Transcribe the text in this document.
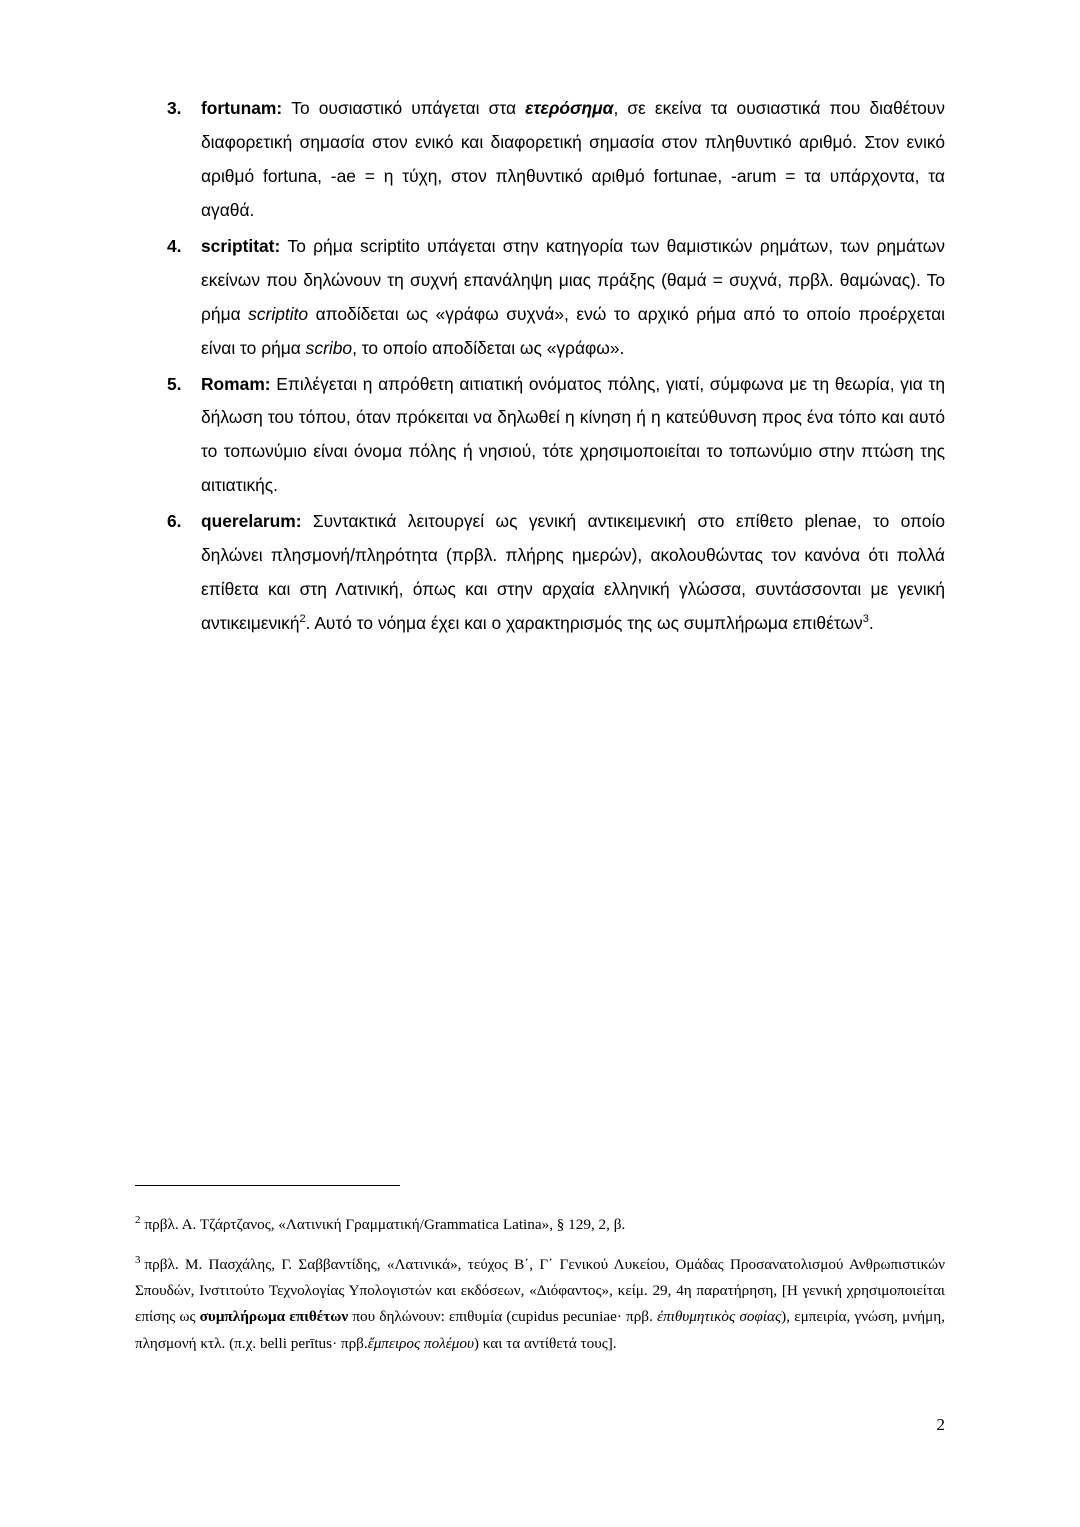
3. fortunam: Το ουσιαστικό υπάγεται στα ετερόσημα, σε εκείνα τα ουσιαστικά που διαθέτουν διαφορετική σημασία στον ενικό και διαφορετική σημασία στον πληθυντικό αριθμό. Στον ενικό αριθμό fortuna, -ae = η τύχη, στον πληθυντικό αριθμό fortunae, -arum = τα υπάρχοντα, τα αγαθά.
4. scriptitat: Το ρήμα scriptito υπάγεται στην κατηγορία των θαμιστικών ρημάτων, των ρημάτων εκείνων που δηλώνουν τη συχνή επανάληψη μιας πράξης (θαμά = συχνά, πρβλ. θαμώνας). Το ρήμα scriptito αποδίδεται ως «γράφω συχνά», ενώ το αρχικό ρήμα από το οποίο προέρχεται είναι το ρήμα scribo, το οποίο αποδίδεται ως «γράφω».
5. Romam: Επιλέγεται η απρόθετη αιτιατική ονόματος πόλης, γιατί, σύμφωνα με τη θεωρία, για τη δήλωση του τόπου, όταν πρόκειται να δηλωθεί η κίνηση ή η κατεύθυνση προς ένα τόπο και αυτό το τοπωνύμιο είναι όνομα πόλης ή νησιού, τότε χρησιμοποιείται το τοπωνύμιο στην πτώση της αιτιατικής.
6. querelarum: Συντακτικά λειτουργεί ως γενική αντικειμενική στο επίθετο plenae, το οποίο δηλώνει πλησμονή/πληρότητα (πρβλ. πλήρης ημερών), ακολουθώντας τον κανόνα ότι πολλά επίθετα και στη Λατινική, όπως και στην αρχαία ελληνική γλώσσα, συντάσσονται με γενική αντικειμενική$^2$. Αυτό το νόημα έχει και ο χαρακτηρισμός της ως συμπλήρωμα επιθέτων$^3$.
$^2$ πρβλ. Α. Τζάρτζανος, «Λατινική Γραμματική/Grammatica Latina», § 129, 2, β.
$^3$ πρβλ. Μ. Πασχάλης, Γ. Σαββαντίδης, «Λατινικά», τεύχος Β΄, Γ΄ Γενικού Λυκείου, Ομάδας Προσανατολισμού Ανθρωπιστικών Σπουδών, Ινστιτούτο Τεχνολογίας Υπολογιστών και εκδόσεων, «Διόφαντος», κείμ. 29, 4η παρατήρηση, [Η γενική χρησιμοποιείται επίσης ως συμπλήρωμα επιθέτων που δηλώνουν: επιθυμία (cupidus pecuniae· πρβ. ἐπιθυμητικὸς σοφίας), εμπειρία, γνώση, μνήμη, πλησμονή κτλ. (π.χ. belli perītus· πρβ.ἔμπειρος πολέμου) και τα αντίθετά τους].
2
